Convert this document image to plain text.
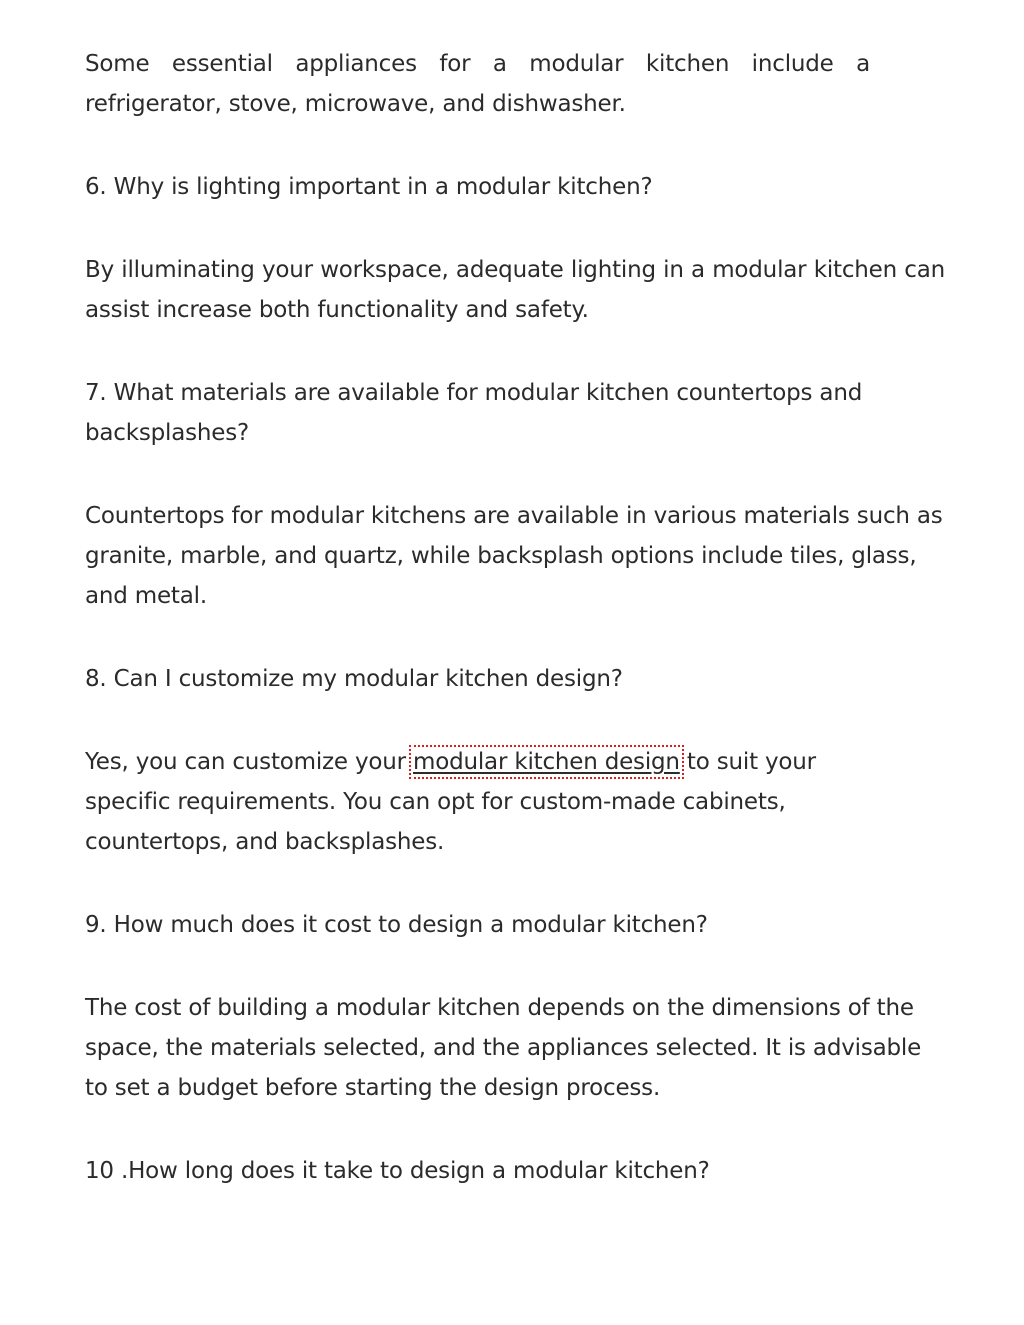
Some essential appliances for a modular kitchen include a refrigerator, stove, microwave, and dishwasher.

6. Why is lighting important in a modular kitchen?

By illuminating your workspace, adequate lighting in a modular kitchen can assist increase both functionality and safety.

7. What materials are available for modular kitchen countertops and backsplashes?

Countertops for modular kitchens are available in various materials such as granite, marble, and quartz, while backsplash options include tiles, glass, and metal.

8. Can I customize my modular kitchen design?

Yes, you can customize your modular kitchen design to suit your specific requirements. You can opt for custom-made cabinets, countertops, and backsplashes.

9. How much does it cost to design a modular kitchen?

The cost of building a modular kitchen depends on the dimensions of the space, the materials selected, and the appliances selected. It is advisable to set a budget before starting the design process.

10 .How long does it take to design a modular kitchen?
